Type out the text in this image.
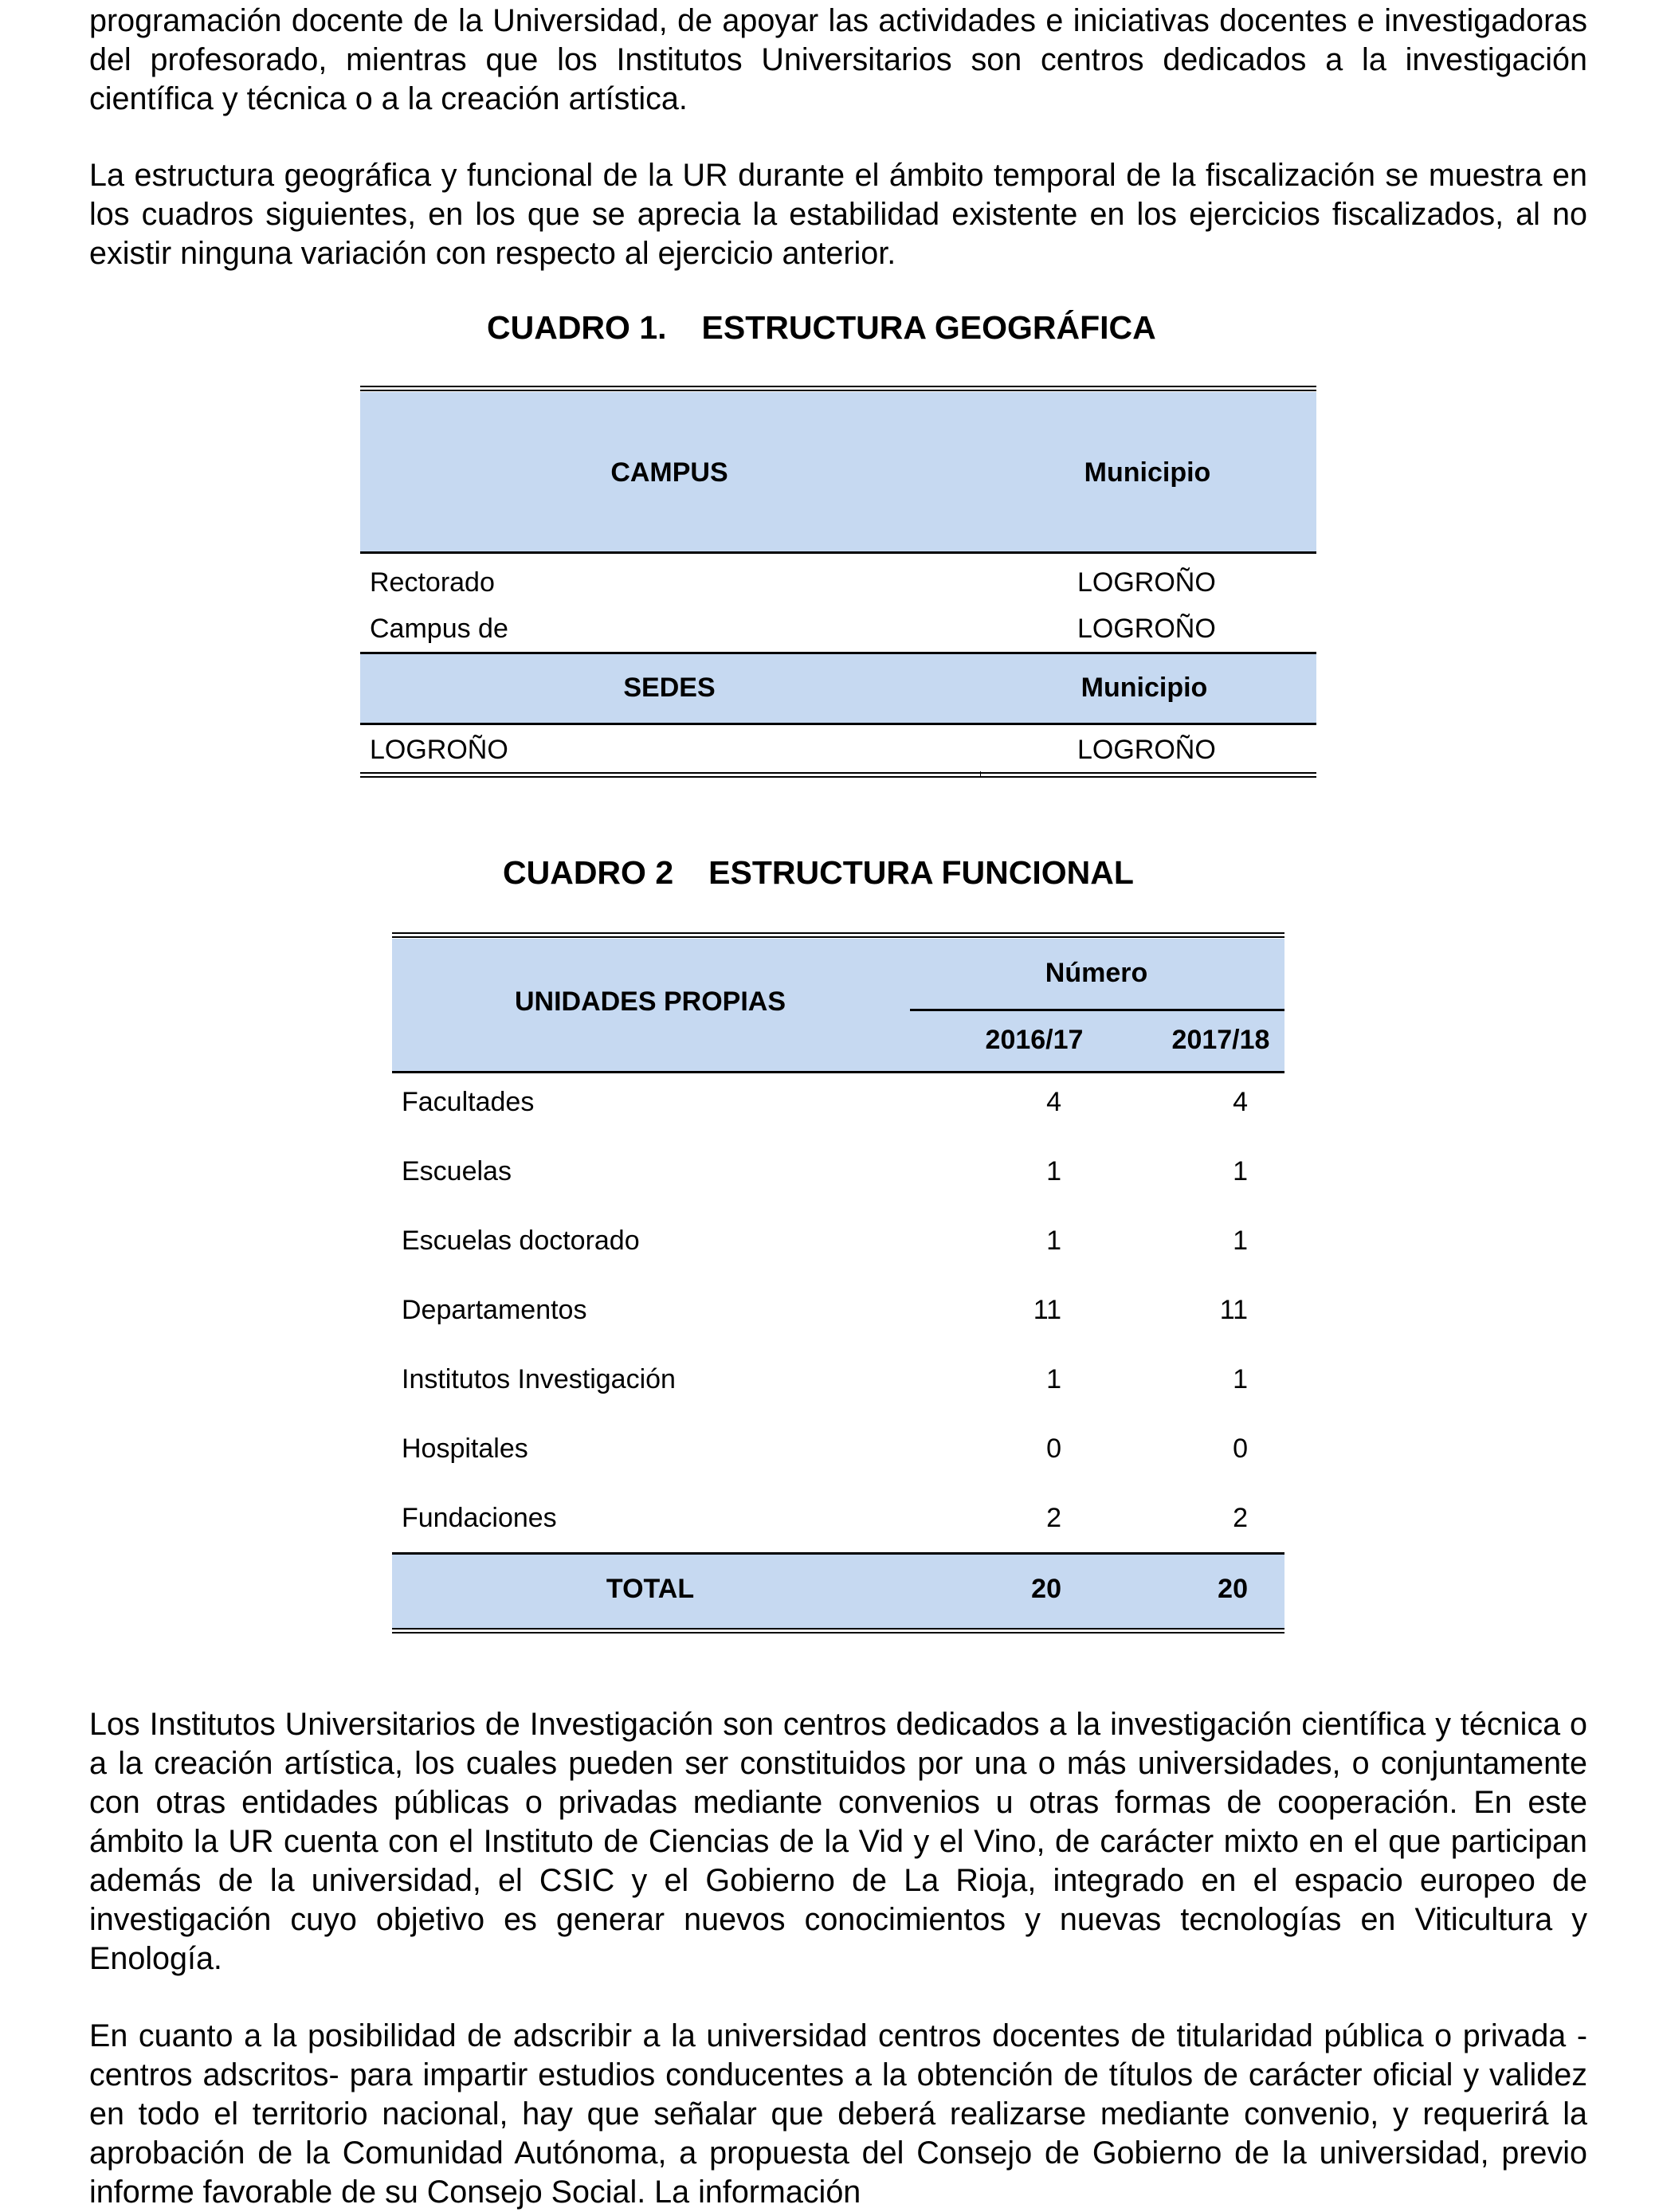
programación docente de la Universidad, de apoyar las actividades e iniciativas docentes e investigadoras del profesorado, mientras que los Institutos Universitarios son centros dedicados a la investigación científica y técnica o a la creación artística.

La estructura geográfica y funcional de la UR durante el ámbito temporal de la fiscalización se muestra en los cuadros siguientes, en los que se aprecia la estabilidad existente en los ejercicios fiscalizados, al no existir ninguna variación con respecto al ejercicio anterior.

CUADRO 1. ESTRUCTURA GEOGRÁFICA
CAMPUS	Municipio
Rectorado	LOGROÑO
Campus de	LOGROÑO
SEDES	Municipio
LOGROÑO	LOGROÑO
CUADRO 2 ESTRUCTURA FUNCIONAL
UNIDADES PROPIAS
Número
2016/17	2017/18
Facultades	4	4
Escuelas	1	1
Escuelas doctorado	1	1
Departamentos	11	11
Institutos Investigación	1	1
Hospitales	0	0
Fundaciones	2	2
TOTAL	20	20

Los Institutos Universitarios de Investigación son centros dedicados a la investigación científica y técnica o a la creación artística, los cuales pueden ser constituidos por una o más universidades, o conjuntamente con otras entidades públicas o privadas mediante convenios u otras formas de cooperación. En este ámbito la UR cuenta con el Instituto de Ciencias de la Vid y el Vino, de carácter mixto en el que participan además de la universidad, el CSIC y el Gobierno de La Rioja, integrado en el espacio europeo de investigación cuyo objetivo es generar nuevos conocimientos y nuevas tecnologías en Viticultura y Enología.

En cuanto a la posibilidad de adscribir a la universidad centros docentes de titularidad pública o privada -centros adscritos- para impartir estudios conducentes a la obtención de títulos de carácter oficial y validez en todo el territorio nacional, hay que señalar que deberá realizarse mediante convenio, y requerirá la aprobación de la Comunidad Autónoma, a propuesta del Consejo de Gobierno de la universidad, previo informe favorable de su Consejo Social. La información
